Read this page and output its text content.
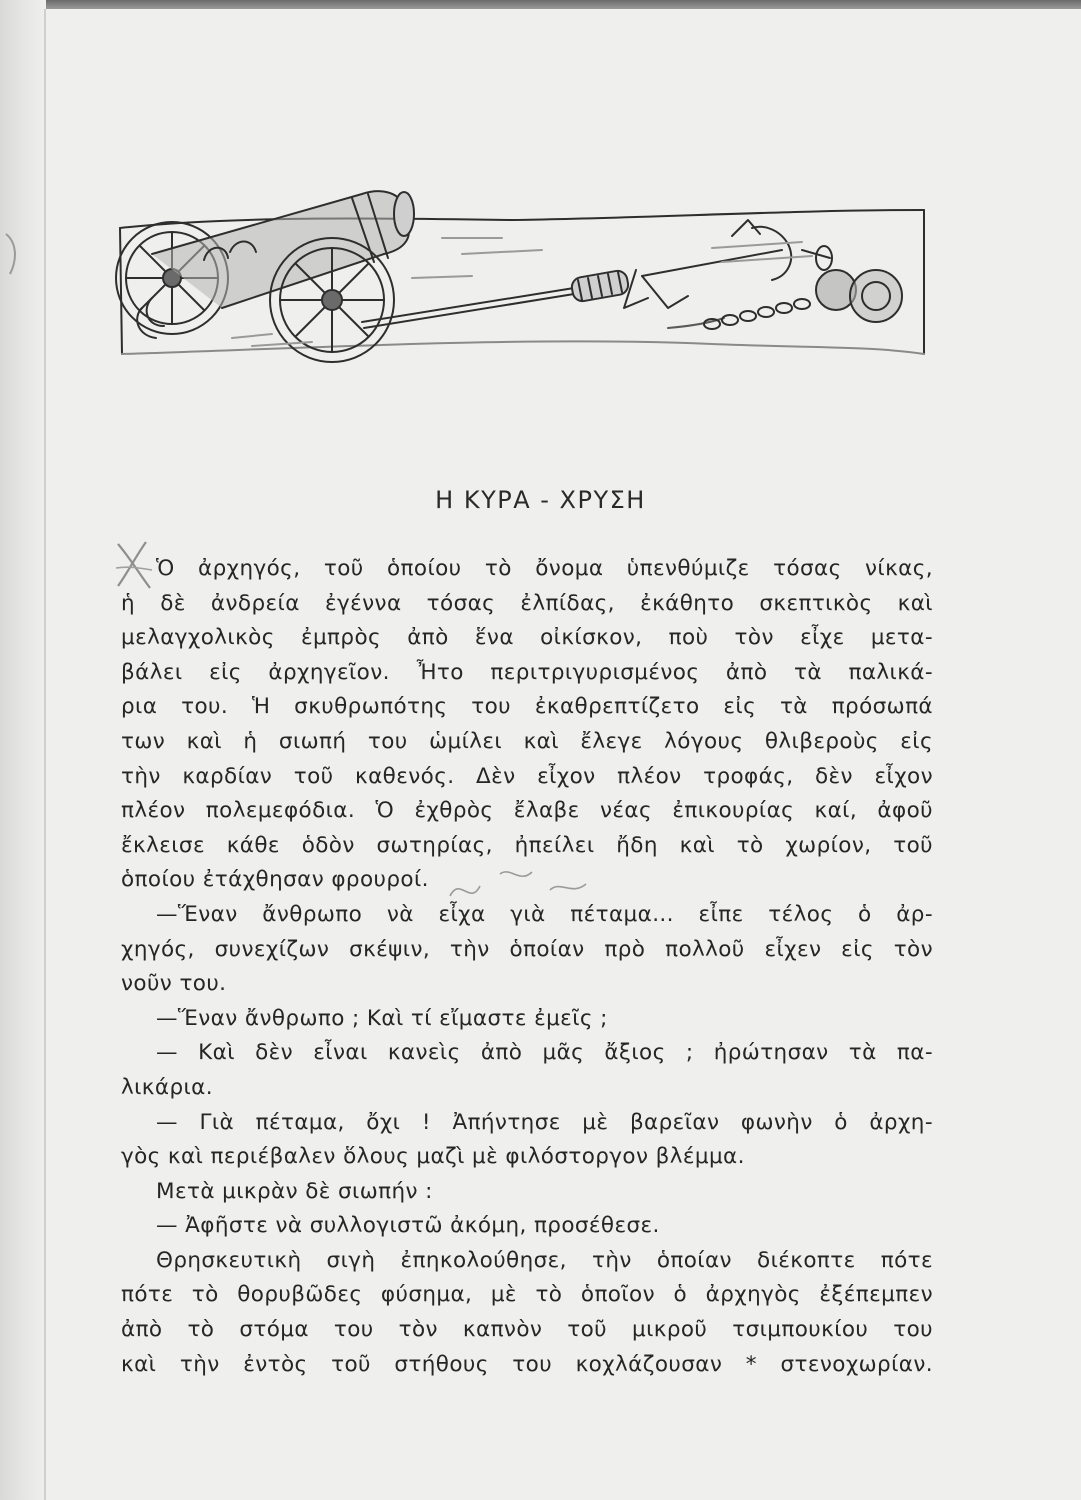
Η ΚΥΡΑ - ΧΡΥΣΗ
Ὁ ἀρχηγός, τοῦ ὁποίου τὸ ὄνομα ὑπενθύμιζε τόσας νίκας,
ἡ δὲ ἀνδρεία ἐγέννα τόσας ἐλπίδας, ἐκάθητο σκεπτικὸς καὶ
μελαγχολικὸς ἐμπρὸς ἀπὸ ἕνα οἰκίσκον, ποὺ τὸν εἶχε μετα-
βάλει εἰς ἀρχηγεῖον. Ἦτο περιτριγυρισμένος ἀπὸ τὰ παλικά-
ρια του. Ἡ σκυθρωπότης του ἐκαθρεπτίζετο εἰς τὰ πρόσωπά
των καὶ ἡ σιωπή του ὡμίλει καὶ ἔλεγε λόγους θλιβεροὺς εἰς
τὴν καρδίαν τοῦ καθενός. Δὲν εἶχον πλέον τροφάς, δὲν εἶχον
πλέον πολεμεφόδια. Ὁ ἐχθρὸς ἔλαβε νέας ἐπικουρίας καί, ἀφοῦ
ἔκλεισε κάθε ὁδὸν σωτηρίας, ἠπείλει ἤδη καὶ τὸ χωρίον, τοῦ
ὁποίου ἐτάχθησαν φρουροί.
—Ἕναν ἄνθρωπο νὰ εἶχα γιὰ πέταμα... εἶπε τέλος ὁ ἀρ-
χηγός, συνεχίζων σκέψιν, τὴν ὁποίαν πρὸ πολλοῦ εἶχεν εἰς τὸν
νοῦν του.
—Ἕναν ἄνθρωπο ; Καὶ τί εἴμαστε ἐμεῖς ;
— Καὶ δὲν εἶναι κανεὶς ἀπὸ μᾶς ἄξιος ; ἠρώτησαν τὰ πα-
λικάρια.
— Γιὰ πέταμα, ὄχι ! Ἀπήντησε μὲ βαρεῖαν φωνὴν ὁ ἀρχη-
γὸς καὶ περιέβαλεν ὅλους μαζὶ μὲ φιλόστοργον βλέμμα.
Μετὰ μικρὰν δὲ σιωπήν :
— Ἀφῆστε νὰ συλλογιστῶ ἀκόμη, προσέθεσε.
Θρησκευτικὴ σιγὴ ἐπηκολούθησε, τὴν ὁποίαν διέκοπτε πότε
πότε τὸ θορυβῶδες φύσημα, μὲ τὸ ὁποῖον ὁ ἀρχηγὸς ἐξέπεμπεν
ἀπὸ τὸ στόμα του τὸν καπνὸν τοῦ μικροῦ τσιμπουκίου του
καὶ τὴν ἐντὸς τοῦ στήθους του κοχλάζουσαν * στενοχωρίαν.
